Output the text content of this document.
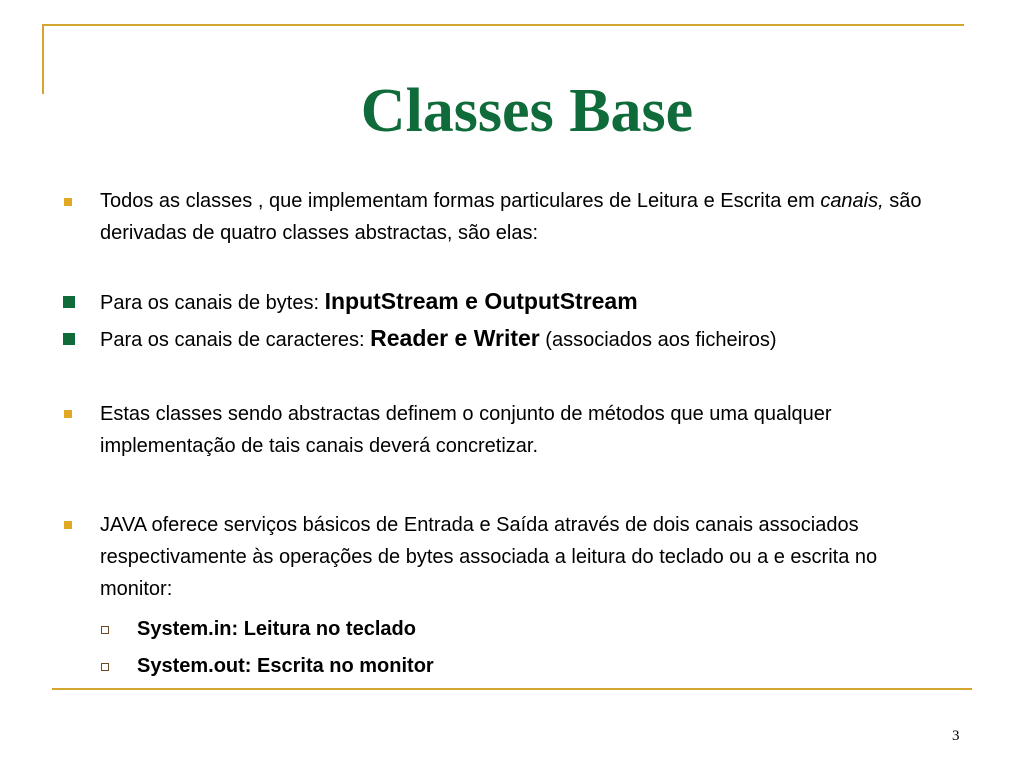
Classes Base
Todos as classes , que implementam formas particulares de Leitura e Escrita em canais, são derivadas de quatro classes abstractas, são elas:
Para os canais de bytes: InputStream e OutputStream
Para os canais de caracteres: Reader e Writer (associados aos ficheiros)
Estas classes sendo abstractas definem o conjunto de métodos que uma qualquer implementação de tais canais deverá concretizar.
JAVA oferece serviços básicos de Entrada e Saída através de dois canais associados respectivamente às operações de bytes associada a leitura do teclado ou a e escrita no monitor:
System.in: Leitura no teclado
System.out: Escrita no monitor
3
